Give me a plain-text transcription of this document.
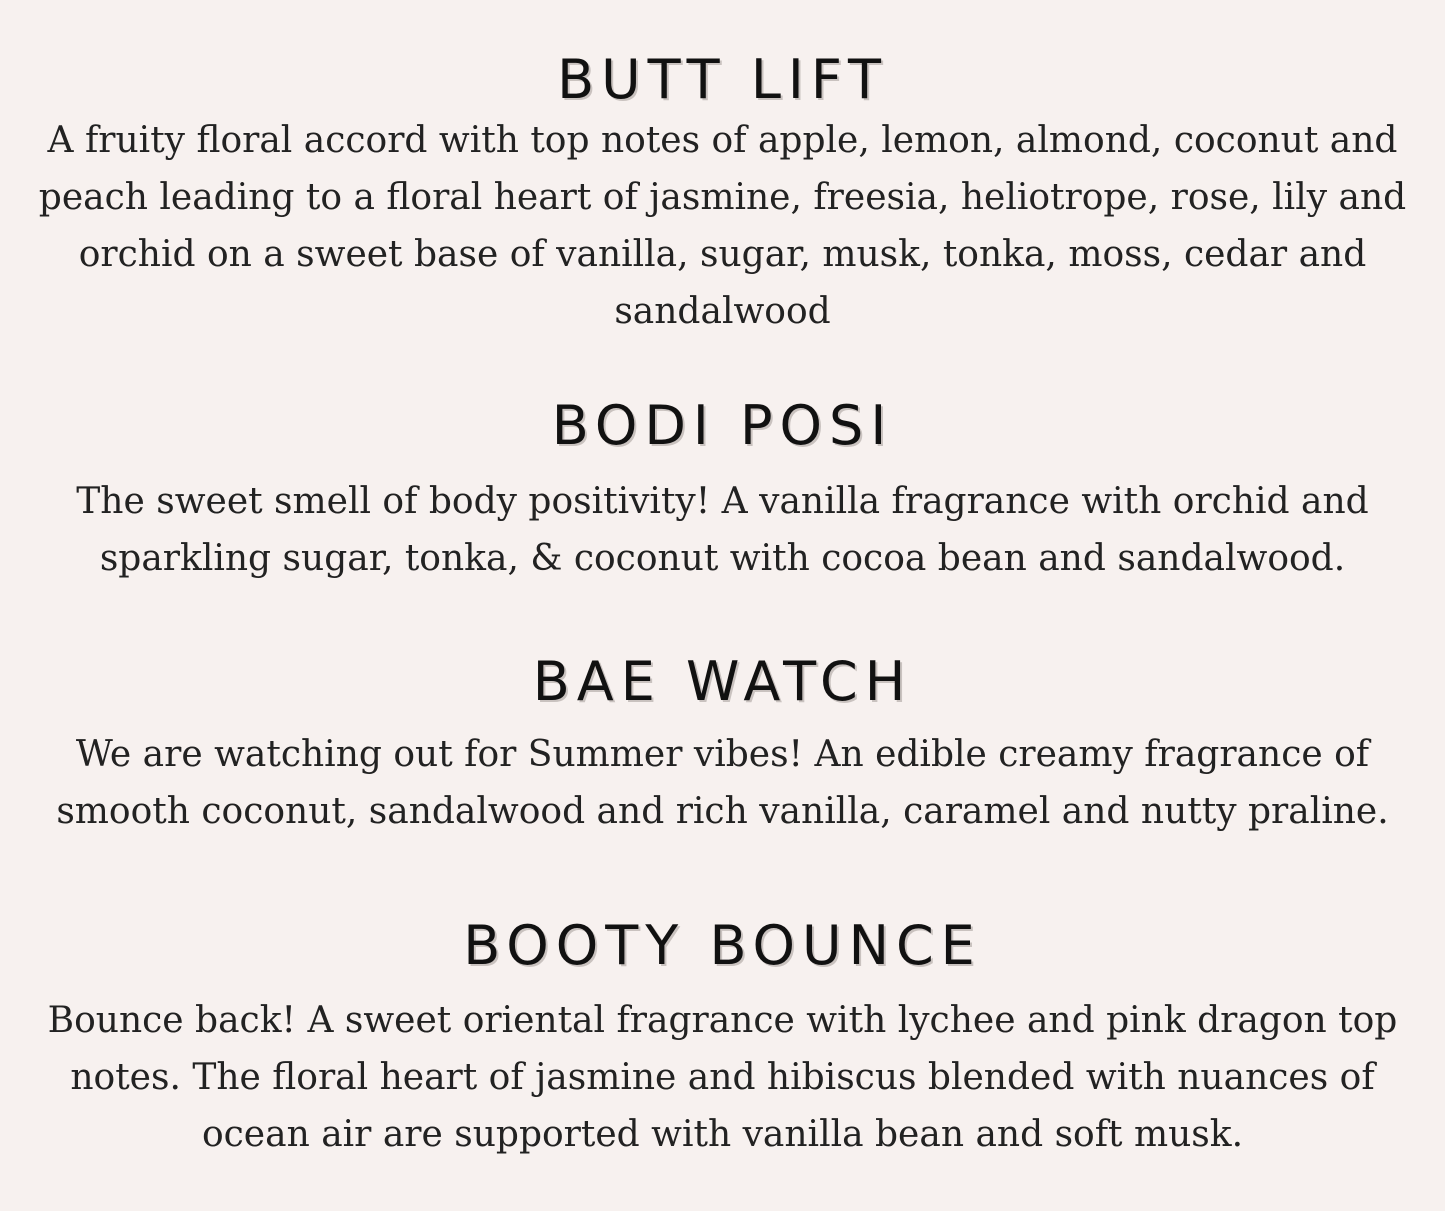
BUTT LIFT

A fruity floral accord with top notes of apple, lemon, almond, coconut and peach leading to a floral heart of jasmine, freesia, heliotrope, rose, lily and orchid on a sweet base of vanilla, sugar, musk, tonka, moss, cedar and sandalwood

BODI POSI

The sweet smell of body positivity! A vanilla fragrance with orchid and sparkling sugar, tonka, & coconut with cocoa bean and sandalwood.

BAE WATCH

We are watching out for Summer vibes! An edible creamy fragrance of smooth coconut, sandalwood and rich vanilla, caramel and nutty praline.

BOOTY BOUNCE

Bounce back! A sweet oriental fragrance with lychee and pink dragon top notes. The floral heart of jasmine and hibiscus blended with nuances of ocean air are supported with vanilla bean and soft musk.
